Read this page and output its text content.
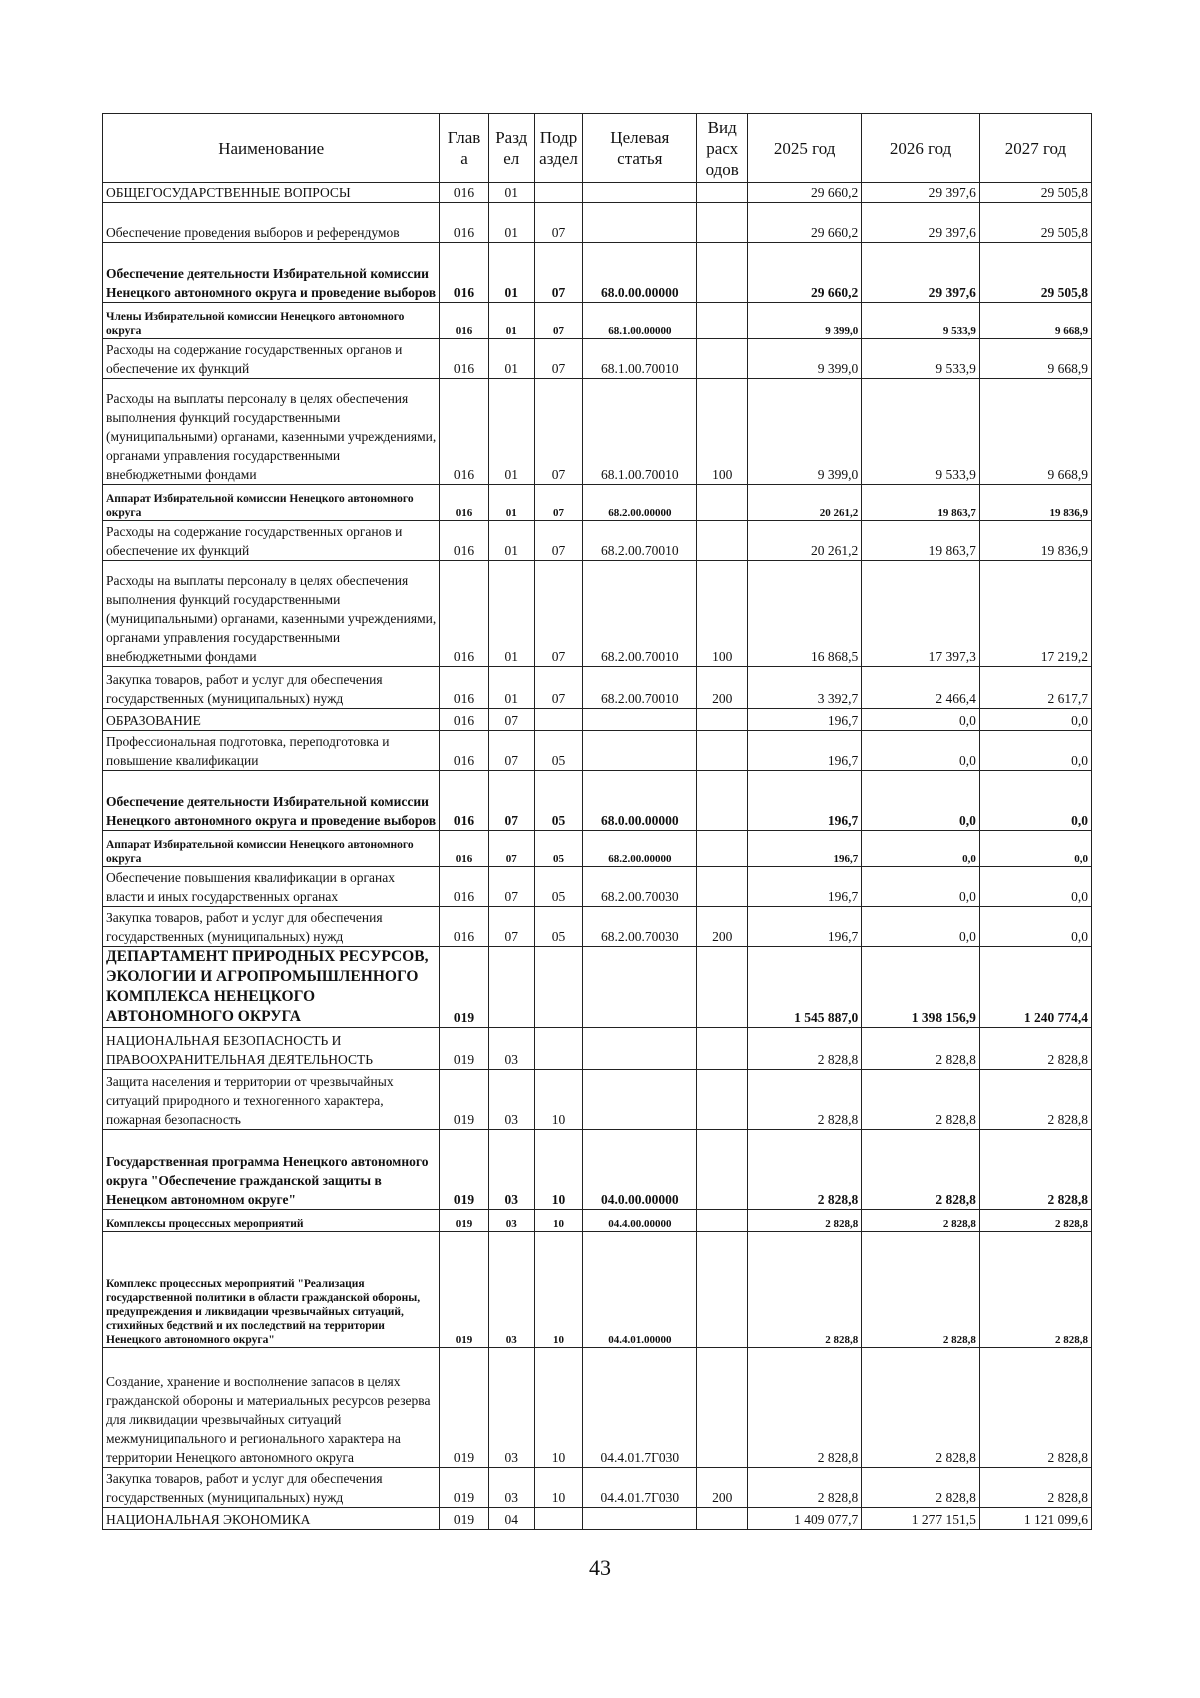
Наименование	Глав а	Разд ел	Подр аздел	Целевая статья	Вид расх одов	2025 год	2026 год	2027 год
ОБЩЕГОСУДАРСТВЕННЫЕ ВОПРОСЫ	016	01				29 660,2	29 397,6	29 505,8
Обеспечение проведения выборов и референдумов	016	01	07			29 660,2	29 397,6	29 505,8
Обеспечение деятельности Избирательной комиссии Ненецкого автономного округа и проведение выборов	016	01	07	68.0.00.00000		29 660,2	29 397,6	29 505,8
Члены Избирательной комиссии Ненецкого автономного округа	016	01	07	68.1.00.00000		9 399,0	9 533,9	9 668,9
Расходы на содержание государственных органов и обеспечение их функций	016	01	07	68.1.00.70010		9 399,0	9 533,9	9 668,9
Расходы на выплаты персоналу в целях обеспечения выполнения функций государственными (муниципальными) органами, казенными учреждениями, органами управления государственными внебюджетными фондами	016	01	07	68.1.00.70010	100	9 399,0	9 533,9	9 668,9
Аппарат Избирательной комиссии Ненецкого автономного округа	016	01	07	68.2.00.00000		20 261,2	19 863,7	19 836,9
Расходы на содержание государственных органов и обеспечение их функций	016	01	07	68.2.00.70010		20 261,2	19 863,7	19 836,9
Расходы на выплаты персоналу в целях обеспечения выполнения функций государственными (муниципальными) органами, казенными учреждениями, органами управления государственными внебюджетными фондами	016	01	07	68.2.00.70010	100	16 868,5	17 397,3	17 219,2
Закупка товаров, работ и услуг для обеспечения государственных (муниципальных) нужд	016	01	07	68.2.00.70010	200	3 392,7	2 466,4	2 617,7
ОБРАЗОВАНИЕ	016	07				196,7	0,0	0,0
Профессиональная подготовка, переподготовка и повышение квалификации	016	07	05			196,7	0,0	0,0
Обеспечение деятельности Избирательной комиссии Ненецкого автономного округа и проведение выборов	016	07	05	68.0.00.00000		196,7	0,0	0,0
Аппарат Избирательной комиссии Ненецкого автономного округа	016	07	05	68.2.00.00000		196,7	0,0	0,0
Обеспечение повышения квалификации в органах власти и иных государственных органах	016	07	05	68.2.00.70030		196,7	0,0	0,0
Закупка товаров, работ и услуг для обеспечения государственных (муниципальных) нужд	016	07	05	68.2.00.70030	200	196,7	0,0	0,0
ДЕПАРТАМЕНТ ПРИРОДНЫХ РЕСУРСОВ, ЭКОЛОГИИ И АГРОПРОМЫШЛЕННОГО КОМПЛЕКСА НЕНЕЦКОГО АВТОНОМНОГО ОКРУГА	019					1 545 887,0	1 398 156,9	1 240 774,4
НАЦИОНАЛЬНАЯ БЕЗОПАСНОСТЬ И ПРАВООХРАНИТЕЛЬНАЯ ДЕЯТЕЛЬНОСТЬ	019	03				2 828,8	2 828,8	2 828,8
Защита населения и территории от чрезвычайных ситуаций природного и техногенного характера, пожарная безопасность	019	03	10			2 828,8	2 828,8	2 828,8
Государственная программа Ненецкого автономного округа "Обеспечение гражданской защиты в Ненецком автономном округе"	019	03	10	04.0.00.00000		2 828,8	2 828,8	2 828,8
Комплексы процессных мероприятий	019	03	10	04.4.00.00000		2 828,8	2 828,8	2 828,8
Комплекс процессных мероприятий "Реализация государственной политики в области гражданской обороны, предупреждения и ликвидации чрезвычайных ситуаций, стихийных бедствий и их последствий на территории Ненецкого автономного округа"	019	03	10	04.4.01.00000		2 828,8	2 828,8	2 828,8
Создание, хранение и восполнение запасов в целях гражданской обороны и материальных ресурсов резерва для ликвидации чрезвычайных ситуаций межмуниципального и регионального характера на территории Ненецкого автономного округа	019	03	10	04.4.01.7Г030		2 828,8	2 828,8	2 828,8
Закупка товаров, работ и услуг для обеспечения государственных (муниципальных) нужд	019	03	10	04.4.01.7Г030	200	2 828,8	2 828,8	2 828,8
НАЦИОНАЛЬНАЯ ЭКОНОМИКА	019	04				1 409 077,7	1 277 151,5	1 121 099,6
43
